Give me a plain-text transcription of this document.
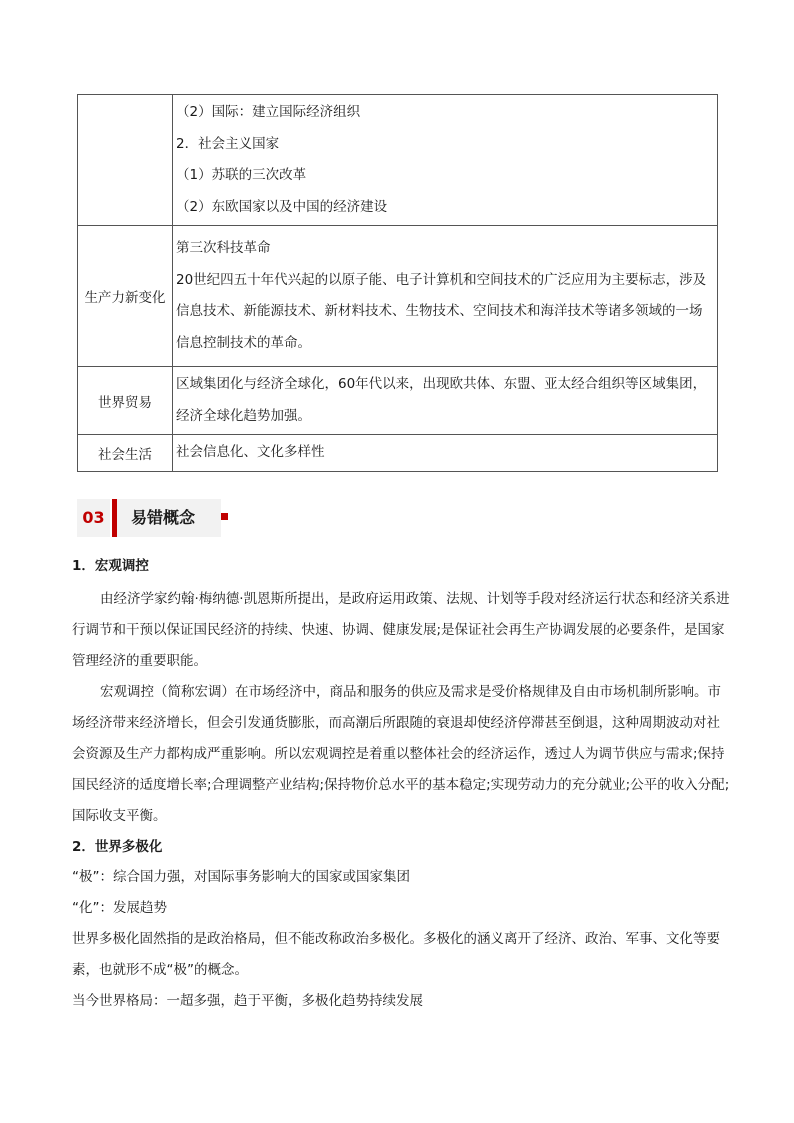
	（2）国际：建立国际经济组织
2．社会主义国家
（1）苏联的三次改革
（2）东欧国家以及中国的经济建设

生产力新变化	第三次科技革命
20世纪四五十年代兴起的以原子能、电子计算机和空间技术的广泛应用为主要标志，涉及信息技术、新能源技术、新材料技术、生物技术、空间技术和海洋技术等诸多领域的一场信息控制技术的革命。

世界贸易	区域集团化与经济全球化，60年代以来，出现欧共体、东盟、亚太经合组织等区域集团，经济全球化趋势加强。

社会生活	社会信息化、文化多样性
03	易错概念
1．宏观调控
由经济学家约翰·梅纳德·凯恩斯所提出，是政府运用政策、法规、计划等手段对经济运行状态和经济关系进行调节和干预以保证国民经济的持续、快速、协调、健康发展;是保证社会再生产协调发展的必要条件，是国家管理经济的重要职能。
宏观调控（简称宏调）在市场经济中，商品和服务的供应及需求是受价格规律及自由市场机制所影响。市场经济带来经济增长，但会引发通货膨胀，而高潮后所跟随的衰退却使经济停滞甚至倒退，这种周期波动对社会资源及生产力都构成严重影响。所以宏观调控是着重以整体社会的经济运作，透过人为调节供应与需求;保持国民经济的适度增长率;合理调整产业结构;保持物价总水平的基本稳定;实现劳动力的充分就业;公平的收入分配;国际收支平衡。
2．世界多极化
“极”：综合国力强，对国际事务影响大的国家或国家集团
“化”：发展趋势
世界多极化固然指的是政治格局，但不能改称政治多极化。多极化的涵义离开了经济、政治、军事、文化等要素，也就形不成“极”的概念。
当今世界格局：一超多强，趋于平衡，多极化趋势持续发展
